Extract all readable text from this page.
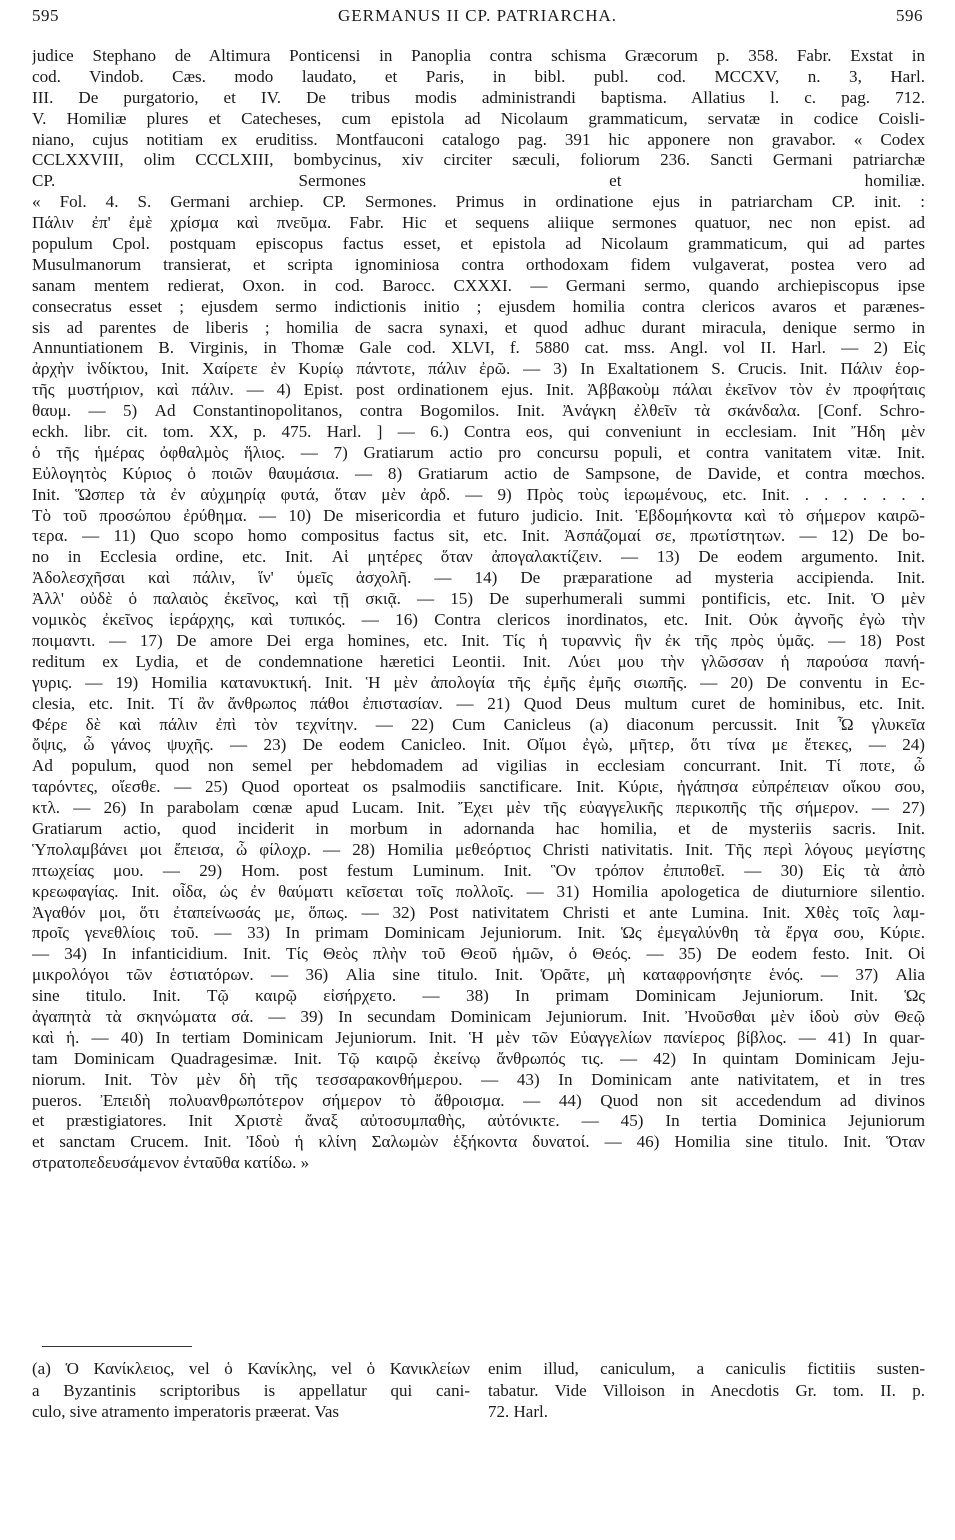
595	GERMANUS II CP. PATRIARCHA.	596
judice Stephano de Altimura Ponticensi in Panoplia contra schisma Græcorum p. 358. Fabr. Exstat in
cod. Vindob. Cæs. modo laudato, et Paris, in bibl. publ. cod. MCCXV, n. 3, Harl.
III. De purgatorio, et IV. De tribus modis administrandi baptisma. Allatius l. c. pag. 712.
V. Homiliæ plures et Catecheses, cum epistola ad Nicolaum grammaticum, servatæ in codice Coisli-
niano, cujus notitiam ex eruditiss. Montfauconi catalogo pag. 391 hic apponere non gravabor. « Codex
CCLXXVIII, olim CCCLXIII, bombycinus, xiv circiter sæculi, foliorum 236. Sancti Germani patriarchæ
CP. Sermones et homiliæ.
« Fol. 4. S. Germani archiep. CP. Sermones. Primus in ordinatione ejus in patriarcham CP. init. :
Πάλιν ἐπ' ἐμὲ χρίσμα καὶ πνεῦμα. Fabr. Hic et sequens aliique sermones quatuor, nec non epist. ad
populum Cpol. postquam episcopus factus esset, et epistola ad Nicolaum grammaticum, qui ad partes
Musulmanorum transierat, et scripta ignominiosa contra orthodoxam fidem vulgaverat, postea vero ad
sanam mentem redierat, Oxon. in cod. Barocc. CXXXI. — Germani sermo, quando archiepiscopus ipse
consecratus esset ; ejusdem sermo indictionis initio ; ejusdem homilia contra clericos avaros et parænes-
sis ad parentes de liberis ; homilia de sacra synaxi, et quod adhuc durant miracula, denique sermo in
Annuntiationem B. Virginis, in Thomæ Gale cod. XLVI, f. 5880 cat. mss. Angl. vol II. Harl. — 2) Εἰς
ἀρχὴν ἰνδίκτου, Init. Χαίρετε ἐν Κυρίῳ πάντοτε, πάλιν ἐρῶ. — 3) In Exaltationem S. Crucis. Init. Πάλιν ἑορ-
τῆς μυστήριον, καὶ πάλιν. — 4) Epist. post ordinationem ejus. Init. Ἀββακοὺμ πάλαι ἐκεῖνον τὸν ἐν προφήταις
θαυμ. — 5) Ad Constantinopolitanos, contra Bogomilos. Init. Ἀνάγκη ἐλθεῖν τὰ σκάνδαλα. [Conf. Schro-
eckh. libr. cit. tom. XX, p. 475. Harl. ] — 6.) Contra eos, qui conveniunt in ecclesiam. Init Ἤδη μὲν
ὁ τῆς ἡμέρας ὀφθαλμὸς ἥλιος. — 7) Gratiarum actio pro concursu populi, et contra vanitatem vitæ. Init.
Εὐλογητὸς Κύριος ὁ ποιῶν θαυμάσια. — 8) Gratiarum actio de Sampsone, de Davide, et contra mœchos.
Init. Ὥσπερ τὰ ἐν αὐχμηρίᾳ φυτά, ὅταν μὲν ἀρδ. — 9) Πρὸς τοὺς ἱερωμένους, etc. Init. . . . . . . .
Τὸ τοῦ προσώπου ἐρύθημα. — 10) De misericordia et futuro judicio. Init. Ἑβδομήκοντα καὶ τὸ σήμερον καιρῶ-
τερα. — 11) Quo scopo homo compositus factus sit, etc. Init. Ἀσπάζομαί σε, πρωτίστητων. — 12) De bo-
no in Ecclesia ordine, etc. Init. Αἱ μητέρες ὅταν ἀπογαλακτίζειν. — 13) De eodem argumento. Init.
Ἀδολεσχῆσαι καὶ πάλιν, ἵν' ὑμεῖς ἀσχολῆ. — 14) De præparatione ad mysteria accipienda. Init.
Ἀλλ' οὐδὲ ὁ παλαιὸς ἐκεῖνος, καὶ τῇ σκιᾷ. — 15) De superhumerali summi pontificis, etc. Init. Ὁ μὲν
νομικὸς ἐκεῖνος ἱεράρχης, καὶ τυπικός. — 16) Contra clericos inordinatos, etc. Init. Οὐκ ἀγνοῆς ἐγὼ τὴν
ποιμαντι. — 17) De amore Dei erga homines, etc. Init. Τίς ἡ τυραννὶς ἣν ἐκ τῆς πρὸς ὑμᾶς. — 18) Post
reditum ex Lydia, et de condemnatione hæretici Leontii. Init. Λύει μου τὴν γλῶσσαν ἡ παρούσα πανή-
γυρις. — 19) Homilia κατανυκτική. Init. Ἡ μὲν ἀπολογία τῆς ἐμῆς ἐμῆς σιωπῆς. — 20) De conventu in Ec-
clesia, etc. Init. Τί ἂν ἄνθρωπος πάθοι ἐπιστασίαν. — 21) Quod Deus multum curet de hominibus, etc. Init.
Φέρε δὲ καὶ πάλιν ἐπὶ τὸν τεχνίτην. — 22) Cum Canicleus (a) diaconum percussit. Init Ὦ γλυκεῖα
ὄψις, ὦ γάνος ψυχῆς. — 23) De eodem Canicleo. Init. Οἴμοι ἐγὼ, μῆτερ, ὅτι τίνα με ἔτεκες, — 24)
Ad populum, quod non semel per hebdomadem ad vigilias in ecclesiam concurrant. Init. Τί ποτε, ὦ
ταρόντες, οἴεσθε. — 25) Quod oporteat os psalmodiis sanctificare. Init. Κύριε, ἠγάπησα εὐπρέπειαν οἴκου σου,
κτλ. — 26) In parabolam cœnæ apud Lucam. Init. Ἔχει μὲν τῆς εὐαγγελικῆς περικοπῆς τῆς σήμερον. — 27)
Gratiarum actio, quod inciderit in morbum in adornanda hac homilia, et de mysteriis sacris. Init.
Ὑπολαμβάνει μοι ἔπεισα, ὦ φίλοχρ. — 28) Homilia μεθεόρτιος Christi nativitatis. Init. Τῆς περὶ λόγους μεγίστης
πτωχείας μου. — 29) Hom. post festum Luminum. Init. Ὃν τρόπον ἐπιποθεῖ. — 30) Εἰς τὰ ἀπὸ
κρεωφαγίας. Init. οἶδα, ὡς ἐν θαύματι κεῖσεται τοῖς πολλοῖς. — 31) Homilia apologetica de diuturniore silentio.
Ἀγαθόν μοι, ὅτι ἐταπείνωσάς με, ὅπως. — 32) Post nativitatem Christi et ante Lumina. Init. Χθὲς τοῖς λαμ-
προῖς γενεθλίοις τοῦ. — 33) In primam Dominicam Jejuniorum. Init. Ὡς ἐμεγαλύνθη τὰ ἔργα σου, Κύριε.
— 34) In infanticidium. Init. Τίς Θεὸς πλὴν τοῦ Θεοῦ ἡμῶν, ὁ Θεός. — 35) De eodem festo. Init. Οἱ
μικρολόγοι τῶν ἑστιατόρων. — 36) Alia sine titulo. Init. Ὁρᾶτε, μὴ καταφρονήσητε ἑνός. — 37) Alia
sine titulo. Init. Τῷ καιρῷ εἰσήρχετο. — 38) In primam Dominicam Jejuniorum. Init. Ὡς
ἀγαπητὰ τὰ σκηνώματα σά. — 39) In secundam Dominicam Jejuniorum. Init. Ἠνοῦσθαι μὲν ἰδοὺ σὺν Θεῷ
καὶ ἡ. — 40) In tertiam Dominicam Jejuniorum. Init. Ἡ μὲν τῶν Εὐαγγελίων πανίερος βίβλος. — 41) In quar-
tam Dominicam Quadragesimæ. Init. Τῷ καιρῷ ἐκείνῳ ἄνθρωπός τις. — 42) In quintam Dominicam Jeju-
niorum. Init. Τὸν μὲν δὴ τῆς τεσσαρακονθήμερου. — 43) In Dominicam ante nativitatem, et in tres
pueros. Ἐπειδὴ πολυανθρωπότερον σήμερον τὸ ἄθροισμα. — 44) Quod non sit accedendum ad divinos
et præstigiatores. Init Χριστὲ ἄναξ αὐτοσυμπαθὴς, αὐτόνικτε. — 45) In tertia Dominica Jejuniorum
et sanctam Crucem. Init. Ἰδοὺ ἡ κλίνη Σαλωμὼν ἑξήκοντα δυνατοί. — 46) Homilia sine titulo. Init. Ὅταν
στρατοπεδευσάμενον ἐνταῦθα κατίδω. »
(a) Ὁ Κανίκλειος, vel ὁ Κανίκλης, vel ὁ Κανικλείων
a Byzantinis scriptoribus is appellatur qui cani-
culo, sive atramento imperatoris præerat. Vas
enim illud, caniculum, a caniculis fictitiis susten-
tabatur. Vide Villoison in Anecdotis Gr. tom. II. p.
72. Harl.
